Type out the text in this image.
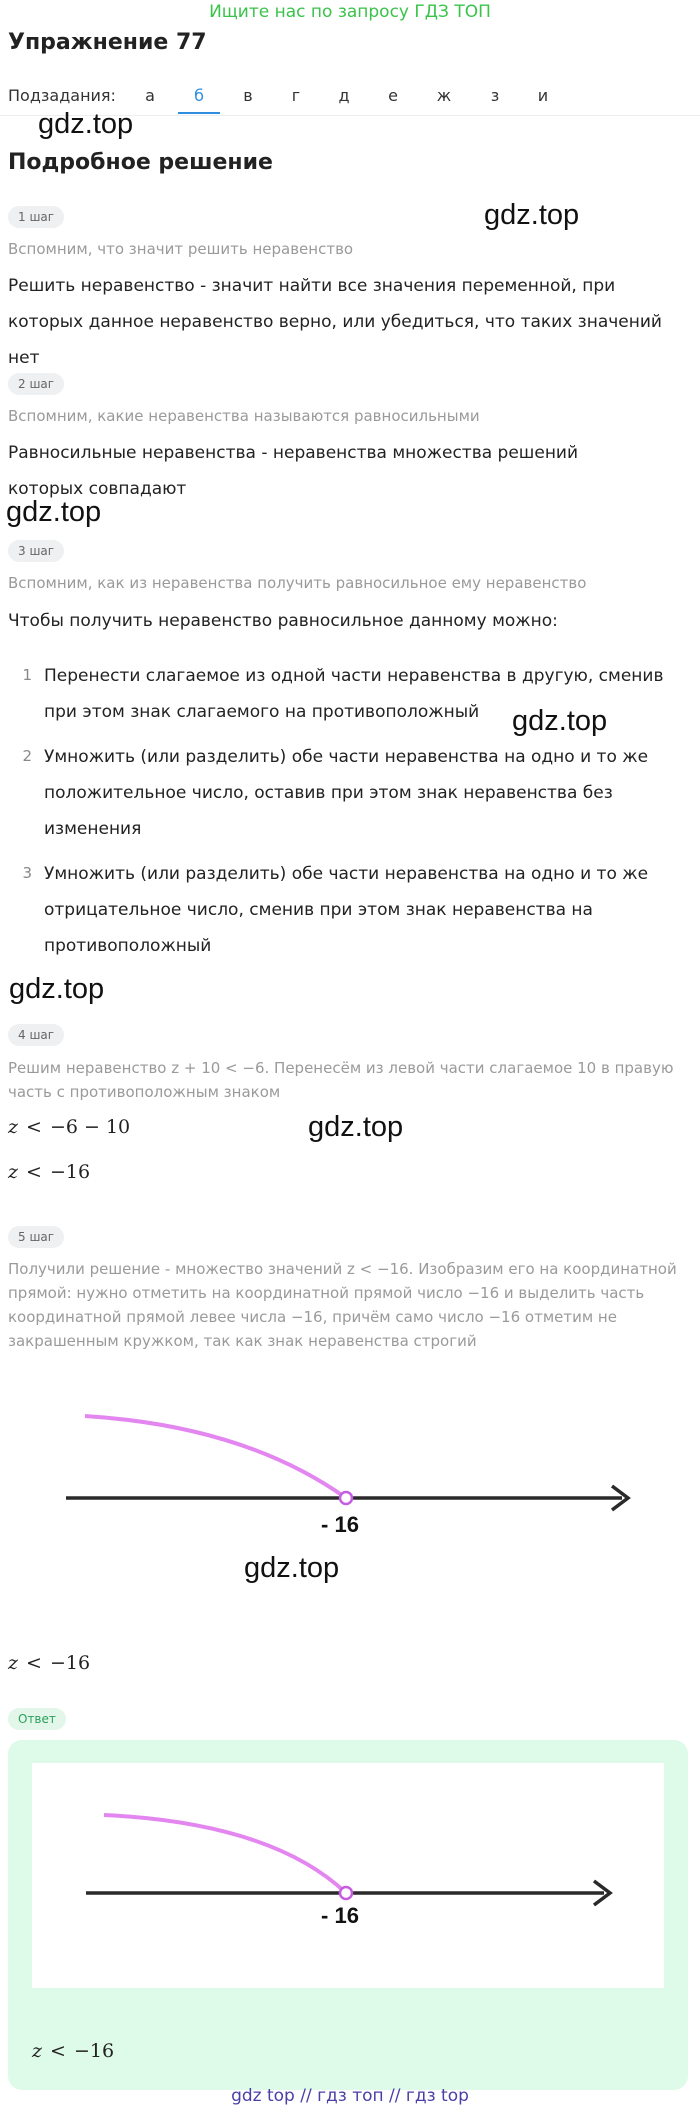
Ищите нас по запросу ГДЗ ТОП
Упражнение 77
Подзадания:	а	б	в	г	д	е	ж	з	и
gdz.top
gdz.top
gdz.top
gdz.top
gdz.top
gdz.top
gdz.top
Подробное решение
1 шаг
Вспомним, что значит решить неравенство
Решить неравенство - значит найти все значения переменной, при которых данное неравенство верно, или убедиться, что таких значений нет
2 шаг
Вспомним, какие неравенства называются равносильными
Равносильные неравенства - неравенства множества решений которых совпадают
3 шаг
Вспомним, как из неравенства получить равносильное ему неравенство
Чтобы получить неравенство равносильное данному можно:
1 Перенести слагаемое из одной части неравенства в другую, сменив при этом знак слагаемого на противоположный
2 Умножить (или разделить) обе части неравенства на одно и то же положительное число, оставив при этом знак неравенства без изменения
3 Умножить (или разделить) обе части неравенства на одно и то же отрицательное число, сменив при этом знак неравенства на противоположный
4 шаг
Решим неравенство z + 10 < −6. Перенесём из левой части слагаемое 10 в правую часть с противоположным знаком
z < −6 − 10
z < −16
5 шаг
Получили решение - множество значений z < −16. Изобразим его на координатной прямой: нужно отметить на координатной прямой число −16 и выделить часть координатной прямой левее числа −16, причём само число −16 отметим не закрашенным кружком, так как знак неравенства строгий
- 16
z < −16
Ответ
- 16
z < −16
gdz top // гдз топ // гдз top
